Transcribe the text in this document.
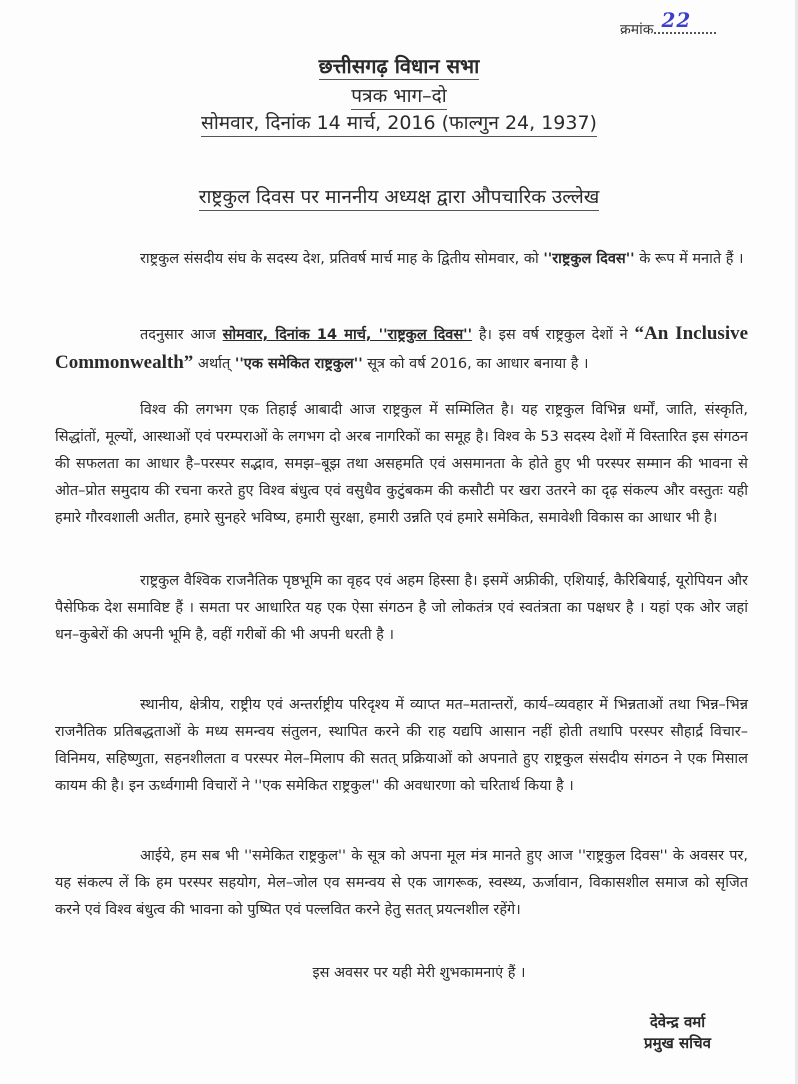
क्रमांक 22
छत्तीसगढ़ विधान सभा
पत्रक भाग–दो
सोमवार, दिनांक 14 मार्च, 2016 (फाल्गुन 24, 1937)
राष्ट्रकुल दिवस पर माननीय अध्यक्ष द्वारा औपचारिक उल्लेख
राष्ट्रकुल संसदीय संघ के सदस्य देश, प्रतिवर्ष मार्च माह के द्वितीय सोमवार, को ''राष्ट्रकुल दिवस'' के रूप में मनाते हैं ।
तदनुसार आज सोमवार, दिनांक 14 मार्च, ''राष्ट्रकुल दिवस'' है। इस वर्ष राष्ट्रकुल देशों ने “An Inclusive Commonwealth” अर्थात् ''एक समेकित राष्ट्रकुल'' सूत्र को वर्ष 2016, का आधार बनाया है ।
विश्व की लगभग एक तिहाई आबादी आज राष्ट्रकुल में सम्मिलित है। यह राष्ट्रकुल विभिन्न धर्मों, जाति, संस्कृति, सिद्धांतों, मूल्यों, आस्थाओं एवं परम्पराओं के लगभग दो अरब नागरिकों का समूह है। विश्व के 53 सदस्य देशों में विस्तारित इस संगठन की सफलता का आधार है–परस्पर सद्भाव, समझ–बूझ तथा असहमति एवं असमानता के होते हुए भी परस्पर सम्मान की भावना से ओत–प्रोत समुदाय की रचना करते हुए विश्व बंधुत्व एवं वसुधैव कुटुंबकम की कसौटी पर खरा उतरने का दृढ़ संकल्प और वस्तुतः यही हमारे गौरवशाली अतीत, हमारे सुनहरे भविष्य, हमारी सुरक्षा, हमारी उन्नति एवं हमारे समेकित, समावेशी विकास का आधार भी है।
राष्ट्रकुल वैश्विक राजनैतिक पृष्ठभूमि का वृहद एवं अहम हिस्सा है। इसमें अफ्रीकी, एशियाई, कैरिबियाई, यूरोपियन और पैसेफिक देश समाविष्ट हैं । समता पर आधारित यह एक ऐसा संगठन है जो लोकतंत्र एवं स्वतंत्रता का पक्षधर है । यहां एक ओर जहां धन–कुबेरों की अपनी भूमि है, वहीं गरीबों की भी अपनी धरती है ।
स्थानीय, क्षेत्रीय, राष्ट्रीय एवं अन्तर्राष्ट्रीय परिदृश्य में व्याप्त मत–मतान्तरों, कार्य–व्यवहार में भिन्नताओं तथा भिन्न–भिन्न राजनैतिक प्रतिबद्धताओं के मध्य समन्वय संतुलन, स्थापित करने की राह यद्यपि आसान नहीं होती तथापि परस्पर सौहार्द्र विचार–विनिमय, सहिष्णुता, सहनशीलता व परस्पर मेल–मिलाप की सतत् प्रक्रियाओं को अपनाते हुए राष्ट्रकुल संसदीय संगठन ने एक मिसाल कायम की है। इन ऊर्ध्वगामी विचारों ने ''एक समेकित राष्ट्रकुल'' की अवधारणा को चरितार्थ किया है ।
आईये, हम सब भी ''समेकित राष्ट्रकुल'' के सूत्र को अपना मूल मंत्र मानते हुए आज ''राष्ट्रकुल दिवस'' के अवसर पर, यह संकल्प लें कि हम परस्पर सहयोग, मेल–जोल एव समन्वय से एक जागरूक, स्वस्थ्य, ऊर्जावान, विकासशील समाज को सृजित करने एवं विश्व बंधुत्व की भावना को पुष्पित एवं पल्लवित करने हेतु सतत् प्रयत्नशील रहेंगे।
इस अवसर पर यही मेरी शुभकामनाएं हैं ।
देवेन्द्र वर्मा
प्रमुख सचिव
